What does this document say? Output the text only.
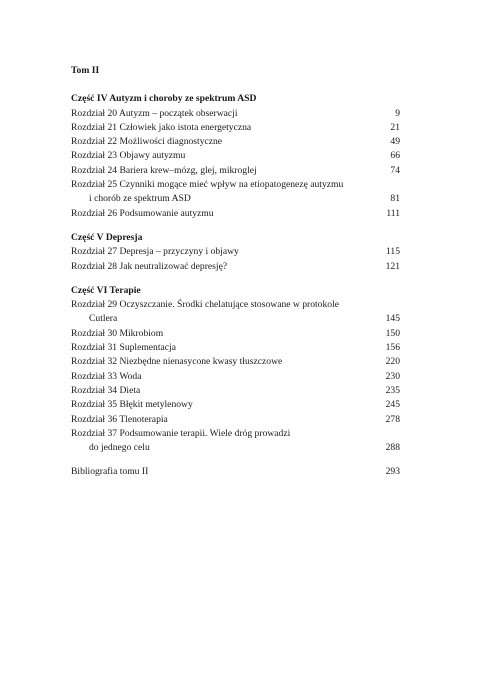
Tom II
Część IV Autyzm i choroby ze spektrum ASD
Rozdział 20 Autyzm – początek obserwacji	9
Rozdział 21 Człowiek jako istota energetyczna	21
Rozdział 22 Możliwości diagnostyczne	49
Rozdział 23 Objawy autyzmu	66
Rozdział 24 Bariera krew–mózg, glej, mikroglej	74
Rozdział 25 Czynniki mogące mieć wpływ na etiopatogenezę autyzmu
i chorób ze spektrum ASD	81
Rozdział 26 Podsumowanie autyzmu	111
Część V Depresja
Rozdział 27 Depresja – przyczyny i objawy	115
Rozdział 28 Jak neutralizować depresję?	121
Część VI Terapie
Rozdział 29 Oczyszczanie. Środki chelatujące stosowane w protokole
Cutlera	145
Rozdział 30 Mikrobiom	150
Rozdział 31 Suplementacja	156
Rozdział 32 Niezbędne nienasycone kwasy tłuszczowe	220
Rozdział 33 Woda	230
Rozdział 34 Dieta	235
Rozdział 35 Błękit metylenowy	245
Rozdział 36 Tlenoterapia	278
Rozdział 37 Podsumowanie terapii. Wiele dróg prowadzi
do jednego celu	288
Bibliografia tomu II	293
